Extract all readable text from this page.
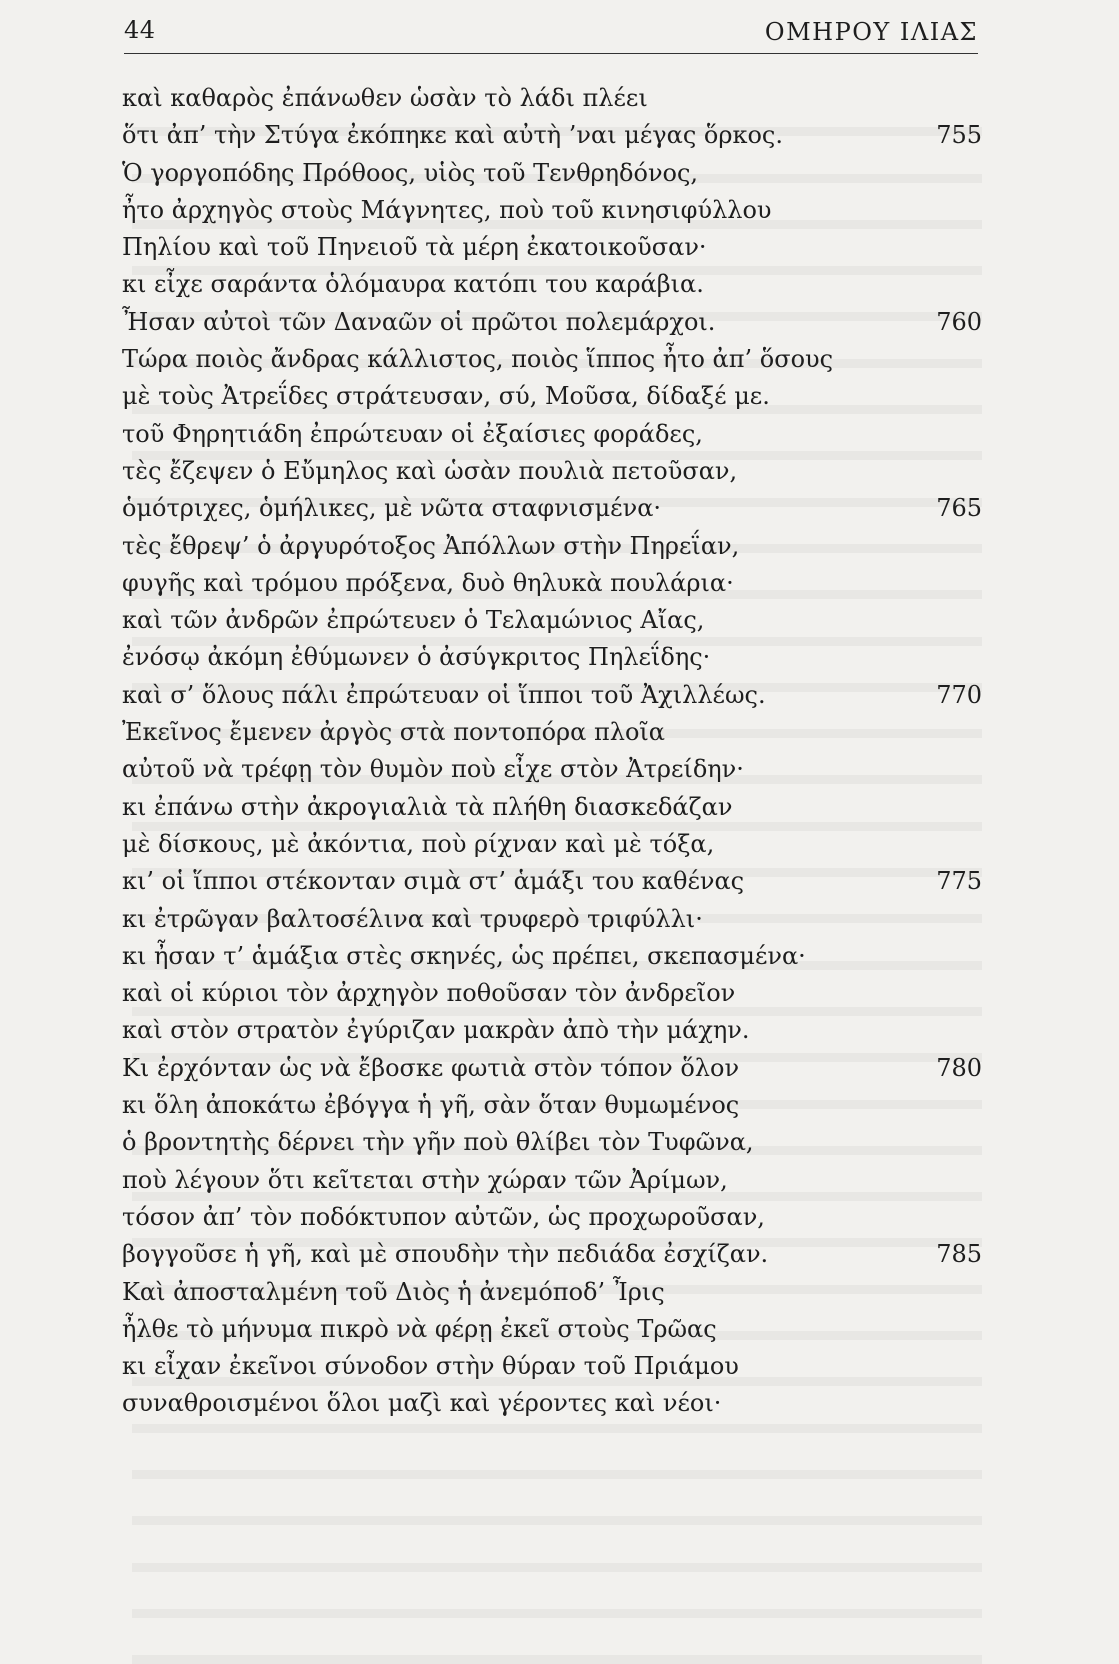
44	ΟΜΗΡΟΥ ΙΛΙΑΣ
καὶ καθαρὸς ἐπάνωθεν ὡσὰν τὸ λάδι πλέει
ὅτι ἀπ’ τὴν Στύγα ἐκόπηκε καὶ αὐτὴ ’ναι μέγας ὅρκος.	755
Ὁ γοργοπόδης Πρόθοος, υἱὸς τοῦ Τενθρηδόνος,
ἦτο ἀρχηγὸς στοὺς Μάγνητες, ποὺ τοῦ κινησιφύλλου
Πηλίου καὶ τοῦ Πηνειοῦ τὰ μέρη ἐκατοικοῦσαν·
κι εἶχε σαράντα ὁλόμαυρα κατόπι του καράβια.
Ἦσαν αὐτοὶ τῶν Δαναῶν οἱ πρῶτοι πολεμάρχοι.	760
Τώρα ποιὸς ἄνδρας κάλλιστος, ποιὸς ἵππος ἦτο ἀπ’ ὅσους
μὲ τοὺς Ἀτρεΐδες στράτευσαν, σύ, Μοῦσα, δίδαξέ με.
τοῦ Φηρητιάδη ἐπρώτευαν οἱ ἐξαίσιες φοράδες,
τὲς ἔζεψεν ὁ Εὔμηλος καὶ ὡσὰν πουλιὰ πετοῦσαν,
ὁμότριχες, ὁμήλικες, μὲ νῶτα σταφνισμένα·	765
τὲς ἔθρεψ’ ὁ ἀργυρότοξος Ἀπόλλων στὴν Πηρεΐαν,
φυγῆς καὶ τρόμου πρόξενα, δυὸ θηλυκὰ πουλάρια·
καὶ τῶν ἀνδρῶν ἐπρώτευεν ὁ Τελαμώνιος Αἴας,
ἐνόσῳ ἀκόμη ἐθύμωνεν ὁ ἀσύγκριτος Πηλεΐδης·
καὶ σ’ ὅλους πάλι ἐπρώτευαν οἱ ἵπποι τοῦ Ἀχιλλέως.	770
Ἐκεῖνος ἔμενεν ἀργὸς στὰ ποντοπόρα πλοῖα
αὐτοῦ νὰ τρέφῃ τὸν θυμὸν ποὺ εἶχε στὸν Ἀτρείδην·
κι ἐπάνω στὴν ἀκρογιαλιὰ τὰ πλήθη διασκεδάζαν
μὲ δίσκους, μὲ ἀκόντια, ποὺ ρίχναν καὶ μὲ τόξα,
κι’ οἱ ἵπποι στέκονταν σιμὰ στ’ ἁμάξι του καθένας	775
κι ἐτρῶγαν βαλτοσέλινα καὶ τρυφερὸ τριφύλλι·
κι ἦσαν τ’ ἁμάξια στὲς σκηνές, ὡς πρέπει, σκεπασμένα·
καὶ οἱ κύριοι τὸν ἀρχηγὸν ποθοῦσαν τὸν ἀνδρεῖον
καὶ στὸν στρατὸν ἐγύριζαν μακρὰν ἀπὸ τὴν μάχην.
Κι ἐρχόνταν ὡς νὰ ἔβοσκε φωτιὰ στὸν τόπον ὅλον	780
κι ὅλη ἀποκάτω ἐβόγγα ἡ γῆ, σὰν ὅταν θυμωμένος
ὁ βροντητὴς δέρνει τὴν γῆν ποὺ θλίβει τὸν Τυφῶνα,
ποὺ λέγουν ὅτι κεῖτεται στὴν χώραν τῶν Ἀρίμων,
τόσον ἀπ’ τὸν ποδόκτυπον αὐτῶν, ὡς προχωροῦσαν,
βογγοῦσε ἡ γῆ, καὶ μὲ σπουδὴν τὴν πεδιάδα ἐσχίζαν.	785
Καὶ ἀποσταλμένη τοῦ Διὸς ἡ ἀνεμόποδ’ Ἶρις
ἦλθε τὸ μήνυμα πικρὸ νὰ φέρῃ ἐκεῖ στοὺς Τρῶας
κι εἶχαν ἐκεῖνοι σύνοδον στὴν θύραν τοῦ Πριάμου
συναθροισμένοι ὅλοι μαζὶ καὶ γέροντες καὶ νέοι·
